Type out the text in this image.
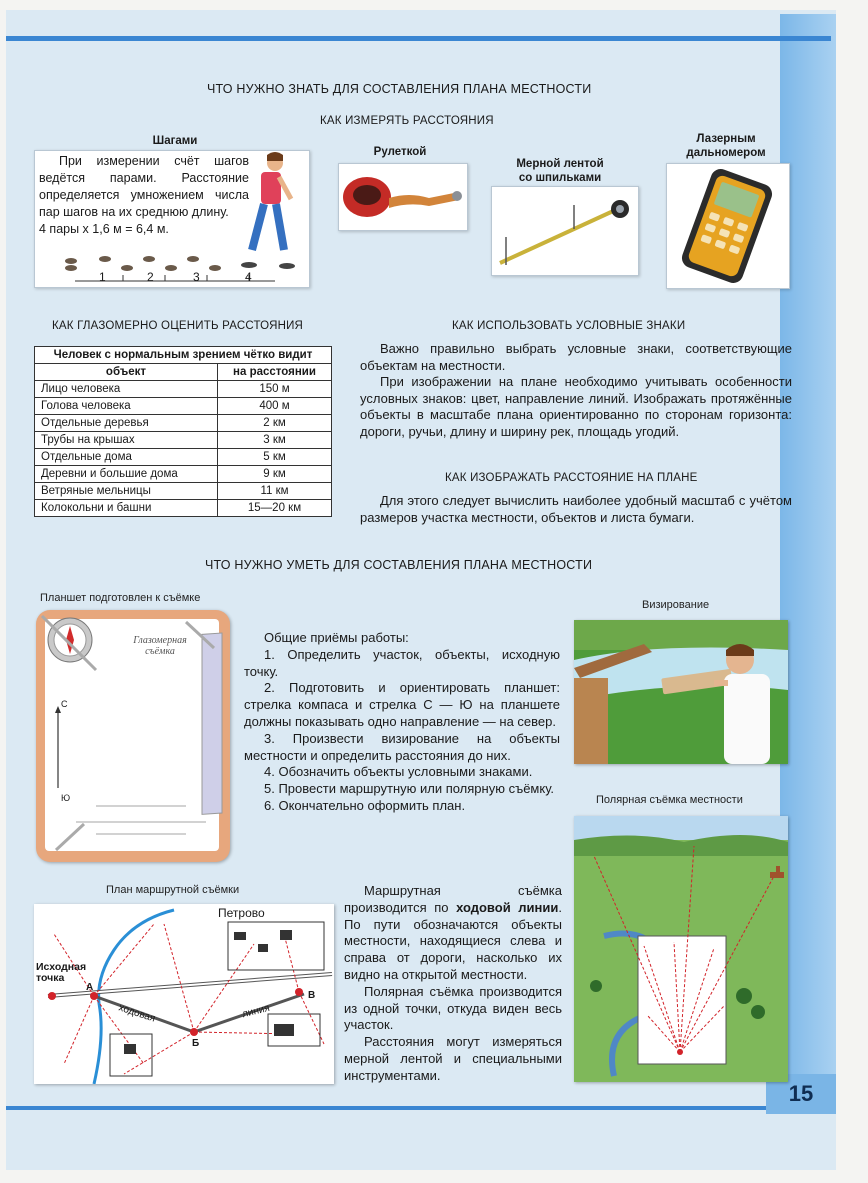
15
ЧТО НУЖНО ЗНАТЬ ДЛЯ СОСТАВЛЕНИЯ ПЛАНА МЕСТНОСТИ
КАК ИЗМЕРЯТЬ РАССТОЯНИЯ
Шагами

При измерении счёт шагов ведётся парами. Расстояние определяется умножением числа пар шагов на их среднюю длину.

4 пары х 1,6 м = 6,4 м.
1	2	3	4
Рулеткой
Мерной лентой
со шпильками
Лазерным
дальномером
КАК ГЛАЗОМЕРНО ОЦЕНИТЬ РАССТОЯНИЯ
Человек с нормальным зрением чётко видит	
объект	на расстоянии
Лицо человека	150 м
Голова человека	400 м
Отдельные деревья	2 км
Трубы на крышах	3 км
Отдельные дома	5 км
Деревни и большие дома	9 км
Ветряные мельницы	11 км
Колокольни и башни	15—20 км
КАК ИСПОЛЬЗОВАТЬ УСЛОВНЫЕ ЗНАКИ

Важно правильно выбрать условные знаки, соответствующие объектам на местности.

При изображении на плане необходимо учитывать особенности условных знаков: цвет, направление линий. Изображать протяжённые объекты в масштабе плана ориентированно по сторонам горизонта: дороги, ручьи, длину и ширину рек, площадь угодий.

КАК ИЗОБРАЖАТЬ РАССТОЯНИЕ НА ПЛАНЕ

Для этого следует вычислить наиболее удобный масштаб с учётом размеров участка местности, объектов и листа бумаги.

ЧТО НУЖНО УМЕТЬ ДЛЯ СОСТАВЛЕНИЯ ПЛАНА МЕСТНОСТИ
Планшет подготовлен к съёмке
Глазомерная съёмка
С
Ю

Общие приёмы работы:

1. Определить участок, объекты, исходную точку.

2. Подготовить и ориентировать планшет: стрелка компаса и стрелка С — Ю на планшете должны показывать одно направление — на север.

3. Произвести визирование на объекты местности и определить расстояния до них.

4. Обозначить объекты условными знаками.

5. Провести маршрутную или полярную съёмку.

6. Окончательно оформить план.

Визирование
Полярная съёмка местности
План маршрутной съёмки
Петрово
Исходная
точка
А
Б
В
ходовая	линия

Маршрутная съёмка производится по ходовой линии. По пути обозначаются объекты местности, находящиеся слева и справа от дороги, насколько их видно на открытой местности.

Полярная съёмка производится из одной точки, откуда виден весь участок.

Расстояния могут измеряться мерной лентой и специальными инструментами.
